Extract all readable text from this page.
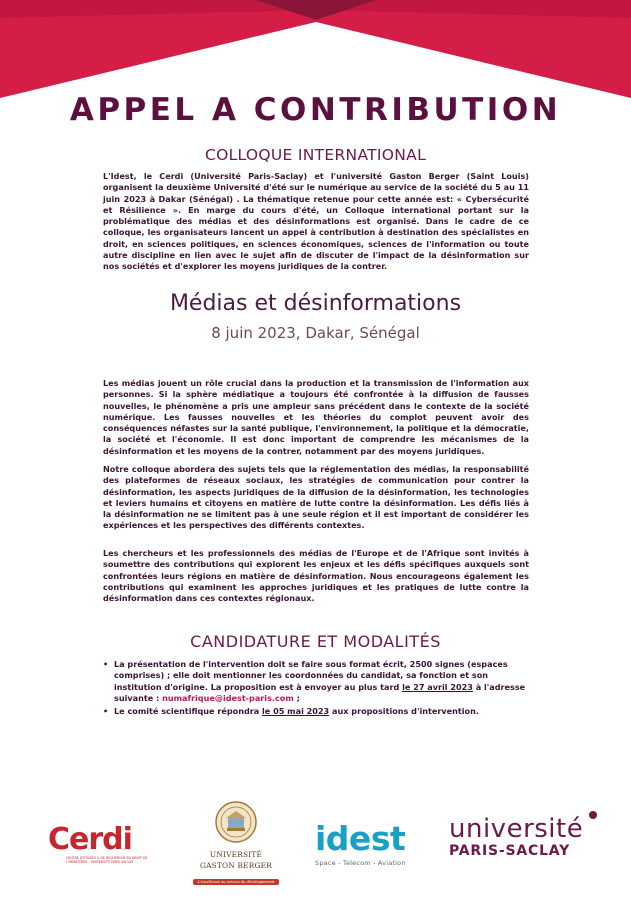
APPEL A CONTRIBUTION
COLLOQUE INTERNATIONAL

L'Idest, le Cerdi (Université Paris-Saclay) et l'université Gaston Berger (Saint Louis) organisent la deuxième Université d'été sur le numérique au service de la société du 5 au 11 juin 2023 à Dakar (Sénégal) . La thématique retenue pour cette année est: « Cybersécurité et Résilience ». En marge du cours d'été, un Colloque international portant sur la problématique des médias et des désinformations est organisé. Dans le cadre de ce colloque, les organisateurs lancent un appel à contribution à destination des spécialistes en droit, en sciences politiques, en sciences économiques, sciences de l'information ou toute autre discipline en lien avec le sujet afin de discuter de l'impact de la désinformation sur nos sociétés et d'explorer les moyens juridiques de la contrer.

Médias et désinformations
8 juin 2023, Dakar, Sénégal

Les médias jouent un rôle crucial dans la production et la transmission de l'information aux personnes. Si la sphère médiatique a toujours été confrontée à la diffusion de fausses nouvelles, le phénomène a pris une ampleur sans précédent dans le contexte de la société numérique. Les fausses nouvelles et les théories du complot peuvent avoir des conséquences néfastes sur la santé publique, l'environnement, la politique et la démocratie, la société et l'économie. Il est donc important de comprendre les mécanismes de la désinformation et les moyens de la contrer, notamment par des moyens juridiques.

Notre colloque abordera des sujets tels que la réglementation des médias, la responsabilité des plateformes de réseaux sociaux, les stratégies de communication pour contrer la désinformation, les aspects juridiques de la diffusion de la désinformation, les technologies et leviers humains et citoyens en matière de lutte contre la désinformation. Les défis liés à la désinformation ne se limitent pas à une seule région et il est important de considérer les expériences et les perspectives des différents contextes.

Les chercheurs et les professionnels des médias de l'Europe et de l'Afrique sont invités à soumettre des contributions qui explorent les enjeux et les défis spécifiques auxquels sont confrontées leurs régions en matière de désinformation. Nous encourageons également les contributions qui examinent les approches juridiques et les pratiques de lutte contre la désinformation dans ces contextes régionaux.

CANDIDATURE ET MODALITÉS
• La présentation de l'intervention doit se faire sous format écrit, 2500 signes (espaces comprises) ; elle doit mentionner les coordonnées du candidat, sa fonction et son institution d'origine. La proposition est à envoyer au plus tard le 27 avril 2023 à l'adresse suivante : numafrique@idest-paris.com ;
• Le comité scientifique répondra le 05 mai 2023 aux propositions d'intervention.
Cerdi
CENTRE D'ÉTUDES & DE RECHERCHE EN DROIT DE L'IMMATÉRIEL · UNIVERSITÉ PARIS-SACLAY
UNIVERSITÉ
GASTON BERGER
L'excellence au service du développement
idest
Space - Telecom - Aviation
université
PARIS-SACLAY
